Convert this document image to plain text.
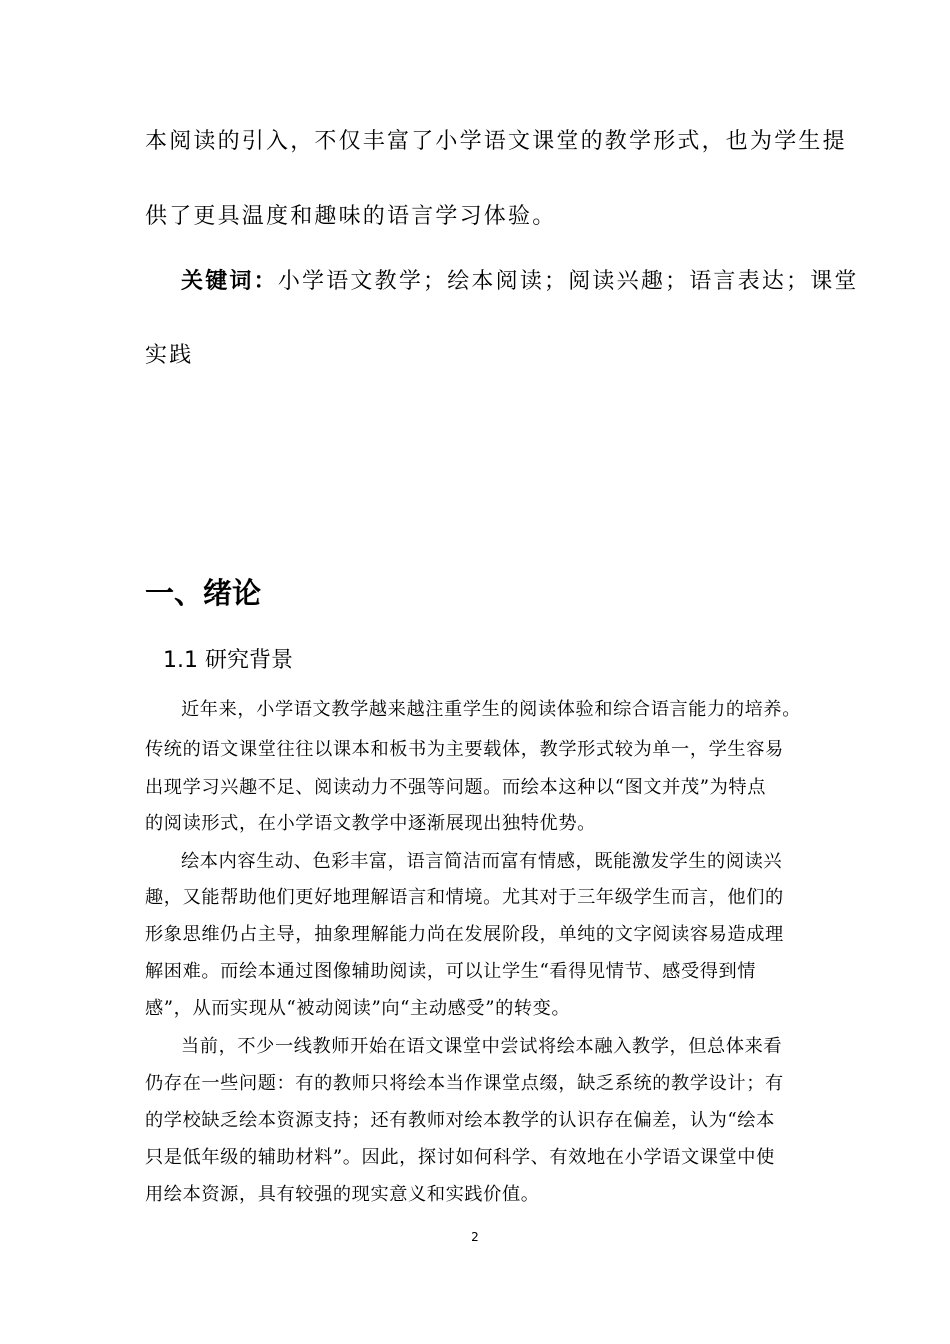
本阅读的引入，不仅丰富了小学语文课堂的教学形式，也为学生提
供了更具温度和趣味的语言学习体验。
关键词：小学语文教学；绘本阅读；阅读兴趣；语言表达；课堂
实践
一、绪论
1.1 研究背景
近年来，小学语文教学越来越注重学生的阅读体验和综合语言能力的培养。
传统的语文课堂往往以课本和板书为主要载体，教学形式较为单一，学生容易
出现学习兴趣不足、阅读动力不强等问题。而绘本这种以“图文并茂”为特点
的阅读形式，在小学语文教学中逐渐展现出独特优势。
绘本内容生动、色彩丰富，语言简洁而富有情感，既能激发学生的阅读兴
趣，又能帮助他们更好地理解语言和情境。尤其对于三年级学生而言，他们的
形象思维仍占主导，抽象理解能力尚在发展阶段，单纯的文字阅读容易造成理
解困难。而绘本通过图像辅助阅读，可以让学生“看得见情节、感受得到情
感”，从而实现从“被动阅读”向“主动感受”的转变。
当前，不少一线教师开始在语文课堂中尝试将绘本融入教学，但总体来看
仍存在一些问题：有的教师只将绘本当作课堂点缀，缺乏系统的教学设计；有
的学校缺乏绘本资源支持；还有教师对绘本教学的认识存在偏差，认为“绘本
只是低年级的辅助材料”。因此，探讨如何科学、有效地在小学语文课堂中使
用绘本资源，具有较强的现实意义和实践价值。
2
